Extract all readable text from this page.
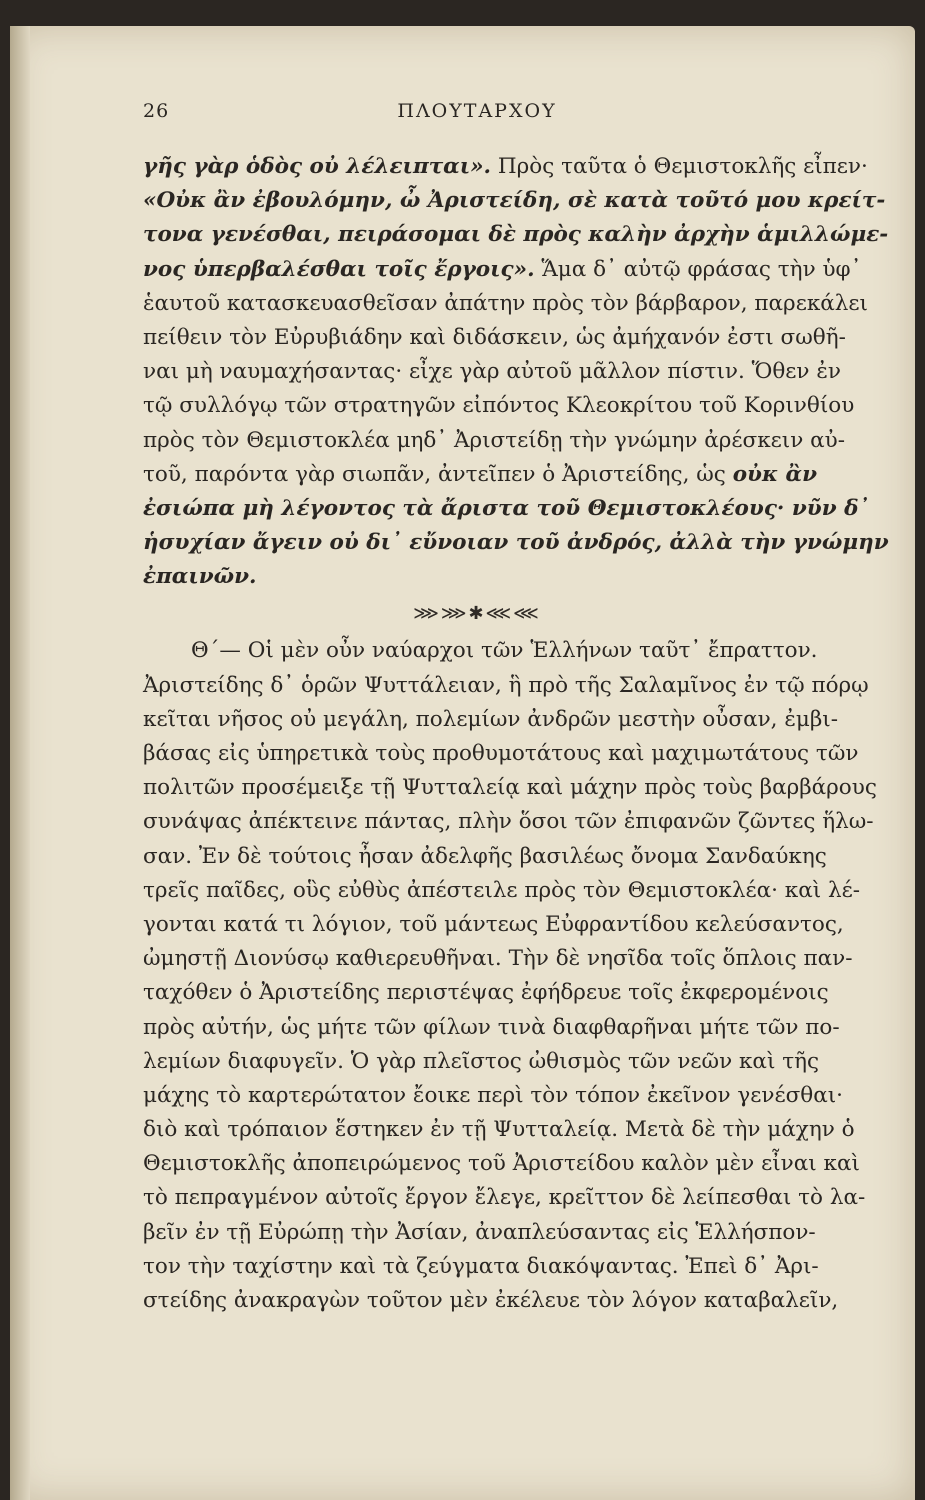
26	ΠΛΟΥΤΑΡΧΟΥ
γῆς γὰρ ὁδὸς οὐ λέλειπται». Πρὸς ταῦτα ὁ Θεμιστοκλῆς εἶπεν·
«Οὐκ ἂν ἐβουλόμην, ὦ Ἀριστείδη, σὲ κατὰ τοῦτό μου κρείτ-
τονα γενέσθαι, πειράσομαι δὲ πρὸς καλὴν ἀρχὴν ἁμιλλώμε-
νος ὑπερβαλέσθαι τοῖς ἔργοις». Ἅμα δ᾽ αὐτῷ φράσας τὴν ὑφ᾽
ἑαυτοῦ κατασκευασθεῖσαν ἀπάτην πρὸς τὸν βάρβαρον, παρεκάλει
πείθειν τὸν Εὐρυβιάδην καὶ διδάσκειν, ὡς ἀμήχανόν ἐστι σωθῆ-
ναι μὴ ναυμαχήσαντας· εἶχε γὰρ αὐτοῦ μᾶλλον πίστιν. Ὅθεν ἐν
τῷ συλλόγῳ τῶν στρατηγῶν εἰπόντος Κλεοκρίτου τοῦ Κορινθίου
πρὸς τὸν Θεμιστοκλέα μηδ᾽ Ἀριστείδῃ τὴν γνώμην ἀρέσκειν αὐ-
τοῦ, παρόντα γὰρ σιωπᾶν, ἀντεῖπεν ὁ Ἀριστείδης, ὡς οὐκ ἂν
ἐσιώπα μὴ λέγοντος τὰ ἄριστα τοῦ Θεμιστοκλέους· νῦν δ᾽
ἡσυχίαν ἄγειν οὐ δι᾽ εὔνοιαν τοῦ ἀνδρός, ἀλλὰ τὴν γνώμην
ἐπαινῶν.
⋙⋙✱⋘⋘
Θ΄— Οἱ μὲν οὖν ναύαρχοι τῶν Ἑλλήνων ταῦτ᾽ ἔπραττον.
Ἀριστείδης δ᾽ ὁρῶν Ψυττάλειαν, ἣ πρὸ τῆς Σαλαμῖνος ἐν τῷ πόρῳ
κεῖται νῆσος οὐ μεγάλη, πολεμίων ἀνδρῶν μεστὴν οὖσαν, ἐμβι-
βάσας εἰς ὑπηρετικὰ τοὺς προθυμοτάτους καὶ μαχιμωτάτους τῶν
πολιτῶν προσέμειξε τῇ Ψυτταλείᾳ καὶ μάχην πρὸς τοὺς βαρβάρους
συνάψας ἀπέκτεινε πάντας, πλὴν ὅσοι τῶν ἐπιφανῶν ζῶντες ἥλω-
σαν. Ἐν δὲ τούτοις ἦσαν ἀδελφῆς βασιλέως ὄνομα Σανδαύκης
τρεῖς παῖδες, οὓς εὐθὺς ἀπέστειλε πρὸς τὸν Θεμιστοκλέα· καὶ λέ-
γονται κατά τι λόγιον, τοῦ μάντεως Εὐφραντίδου κελεύσαντος,
ὠμηστῇ Διονύσῳ καθιερευθῆναι. Τὴν δὲ νησῖδα τοῖς ὅπλοις παν-
ταχόθεν ὁ Ἀριστείδης περιστέψας ἐφήδρευε τοῖς ἐκφερομένοις
πρὸς αὐτήν, ὡς μήτε τῶν φίλων τινὰ διαφθαρῆναι μήτε τῶν πο-
λεμίων διαφυγεῖν. Ὁ γὰρ πλεῖστος ὠθισμὸς τῶν νεῶν καὶ τῆς
μάχης τὸ καρτερώτατον ἔοικε περὶ τὸν τόπον ἐκεῖνον γενέσθαι·
διὸ καὶ τρόπαιον ἕστηκεν ἐν τῇ Ψυτταλείᾳ. Μετὰ δὲ τὴν μάχην ὁ
Θεμιστοκλῆς ἀποπειρώμενος τοῦ Ἀριστείδου καλὸν μὲν εἶναι καὶ
τὸ πεπραγμένον αὐτοῖς ἔργον ἔλεγε, κρεῖττον δὲ λείπεσθαι τὸ λα-
βεῖν ἐν τῇ Εὐρώπῃ τὴν Ἀσίαν, ἀναπλεύσαντας εἰς Ἑλλήσπον-
τον τὴν ταχίστην καὶ τὰ ζεύγματα διακόψαντας. Ἐπεὶ δ᾽ Ἀρι-
στείδης ἀνακραγὼν τοῦτον μὲν ἐκέλευε τὸν λόγον καταβαλεῖν,
